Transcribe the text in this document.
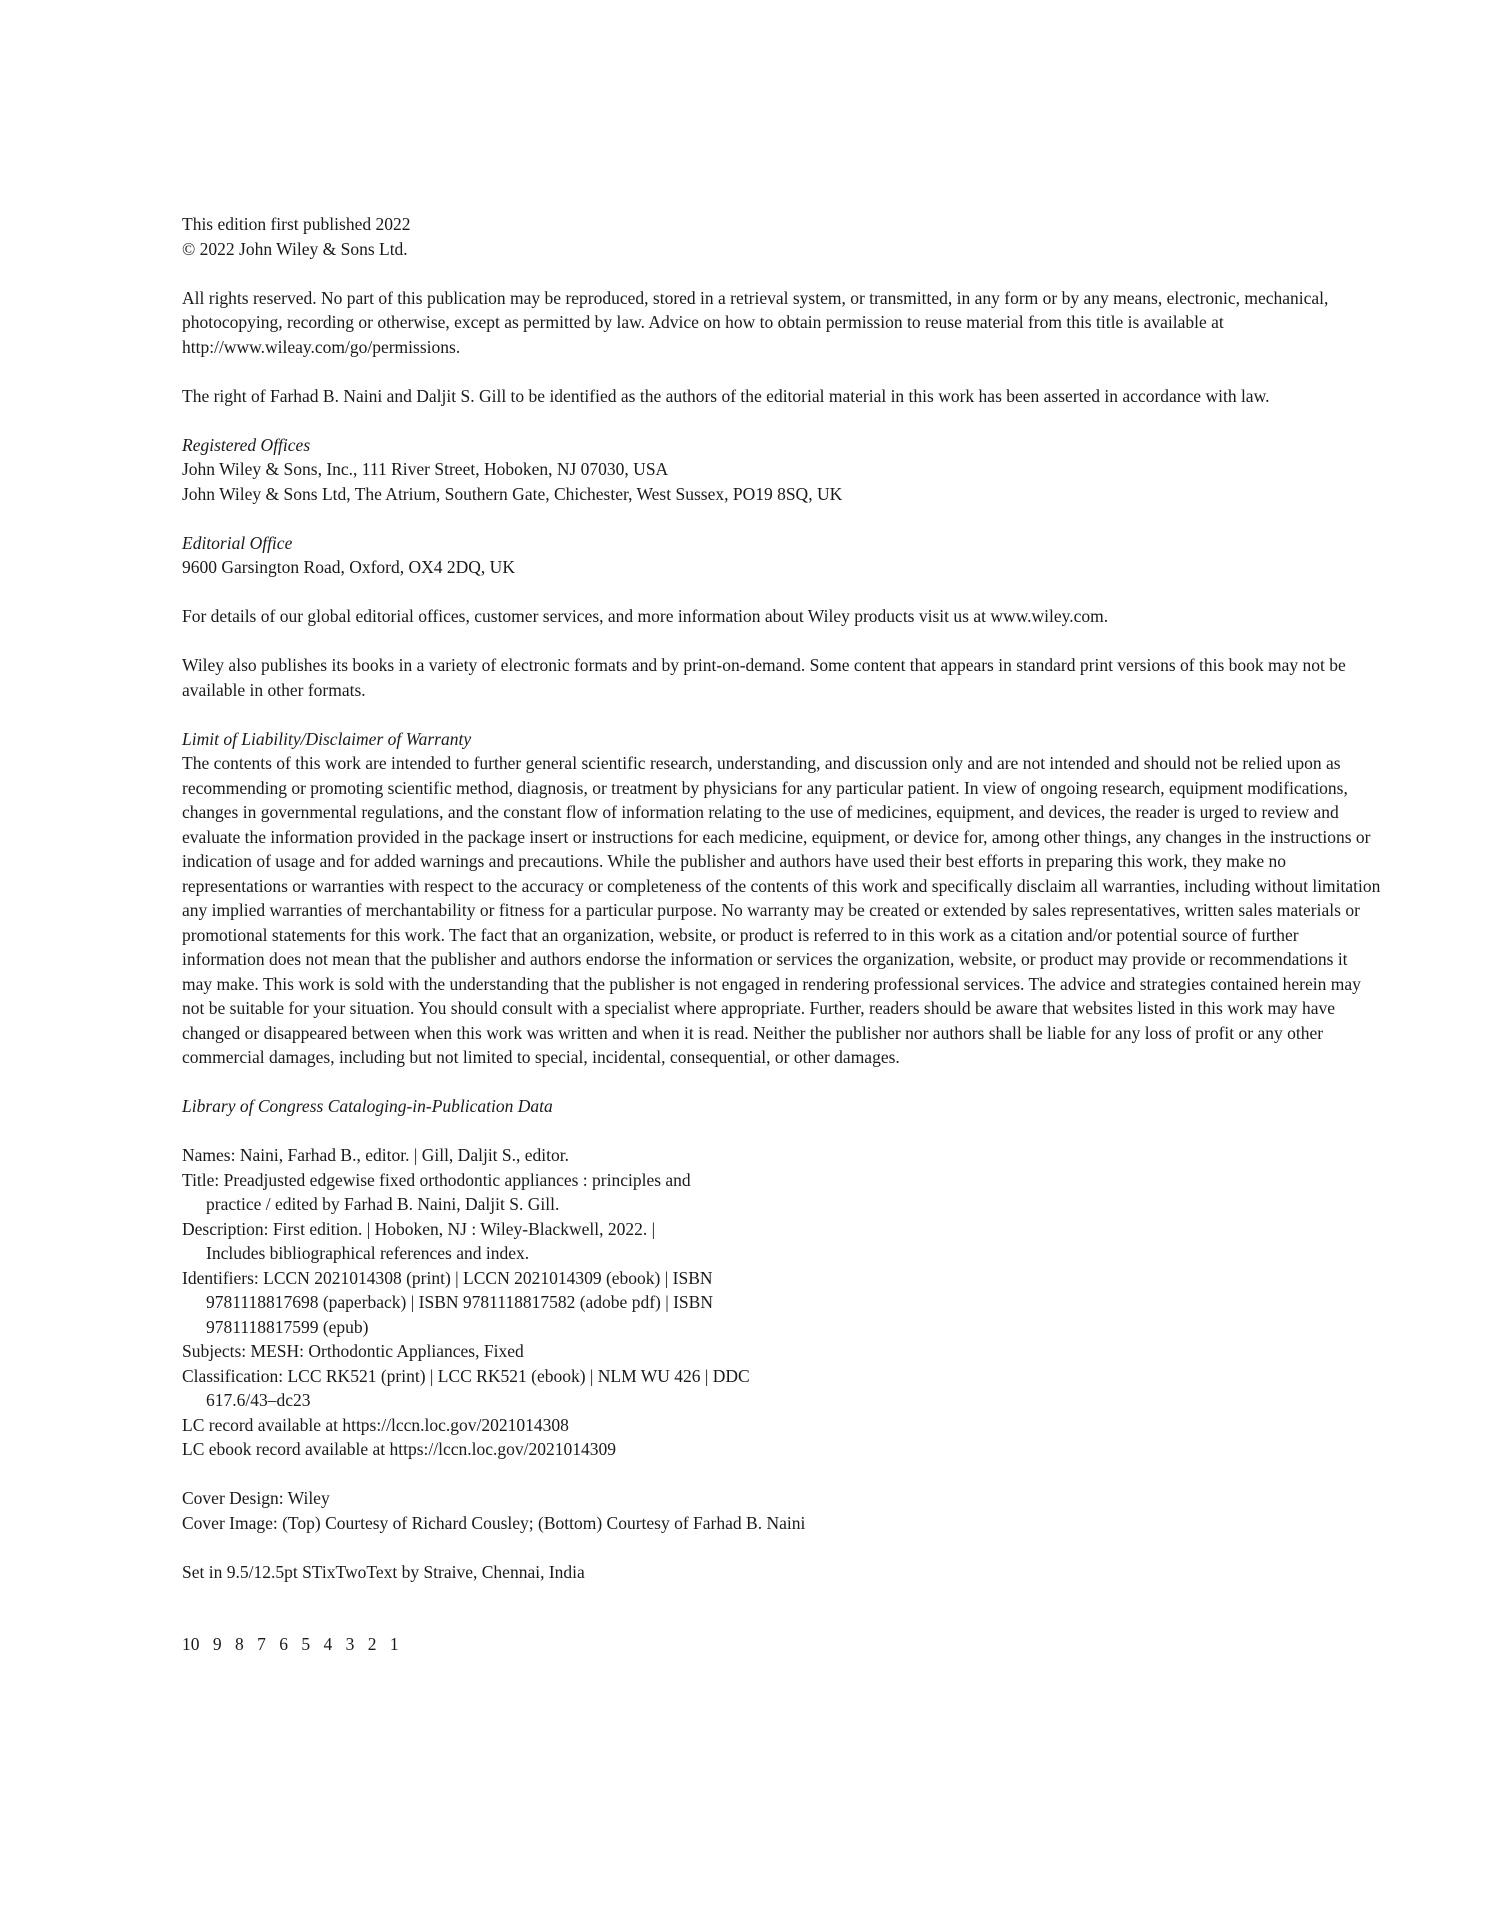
This edition first published 2022
© 2022 John Wiley & Sons Ltd.
All rights reserved. No part of this publication may be reproduced, stored in a retrieval system, or transmitted, in any form or by any means, electronic, mechanical, photocopying, recording or otherwise, except as permitted by law. Advice on how to obtain permission to reuse material from this title is available at http://www.wileay.com/go/permissions.
The right of Farhad B. Naini and Daljit S. Gill to be identified as the authors of the editorial material in this work has been asserted in accordance with law.
Registered Offices
John Wiley & Sons, Inc., 111 River Street, Hoboken, NJ 07030, USA
John Wiley & Sons Ltd, The Atrium, Southern Gate, Chichester, West Sussex, PO19 8SQ, UK
Editorial Office
9600 Garsington Road, Oxford, OX4 2DQ, UK
For details of our global editorial offices, customer services, and more information about Wiley products visit us at www.wiley.com.
Wiley also publishes its books in a variety of electronic formats and by print-on-demand. Some content that appears in standard print versions of this book may not be available in other formats.
Limit of Liability/Disclaimer of Warranty
The contents of this work are intended to further general scientific research, understanding, and discussion only and are not intended and should not be relied upon as recommending or promoting scientific method, diagnosis, or treatment by physicians for any particular patient. In view of ongoing research, equipment modifications, changes in governmental regulations, and the constant flow of information relating to the use of medicines, equipment, and devices, the reader is urged to review and evaluate the information provided in the package insert or instructions for each medicine, equipment, or device for, among other things, any changes in the instructions or indication of usage and for added warnings and precautions. While the publisher and authors have used their best efforts in preparing this work, they make no representations or warranties with respect to the accuracy or completeness of the contents of this work and specifically disclaim all warranties, including without limitation any implied warranties of merchantability or fitness for a particular purpose. No warranty may be created or extended by sales representatives, written sales materials or promotional statements for this work. The fact that an organization, website, or product is referred to in this work as a citation and/or potential source of further information does not mean that the publisher and authors endorse the information or services the organization, website, or product may provide or recommendations it may make. This work is sold with the understanding that the publisher is not engaged in rendering professional services. The advice and strategies contained herein may not be suitable for your situation. You should consult with a specialist where appropriate. Further, readers should be aware that websites listed in this work may have changed or disappeared between when this work was written and when it is read. Neither the publisher nor authors shall be liable for any loss of profit or any other commercial damages, including but not limited to special, incidental, consequential, or other damages.
Library of Congress Cataloging-in-Publication Data
Names: Naini, Farhad B., editor. | Gill, Daljit S., editor.
Title: Preadjusted edgewise fixed orthodontic appliances : principles and
practice / edited by Farhad B. Naini, Daljit S. Gill.
Description: First edition. | Hoboken, NJ : Wiley-Blackwell, 2022. |
Includes bibliographical references and index.
Identifiers: LCCN 2021014308 (print) | LCCN 2021014309 (ebook) | ISBN
9781118817698 (paperback) | ISBN 9781118817582 (adobe pdf) | ISBN
9781118817599 (epub)
Subjects: MESH: Orthodontic Appliances, Fixed
Classification: LCC RK521 (print) | LCC RK521 (ebook) | NLM WU 426 | DDC
617.6/43–dc23
LC record available at https://lccn.loc.gov/2021014308
LC ebook record available at https://lccn.loc.gov/2021014309
Cover Design: Wiley
Cover Image: (Top) Courtesy of Richard Cousley; (Bottom) Courtesy of Farhad B. Naini
Set in 9.5/12.5pt STixTwoText by Straive, Chennai, India
10 9 8 7 6 5 4 3 2 1
